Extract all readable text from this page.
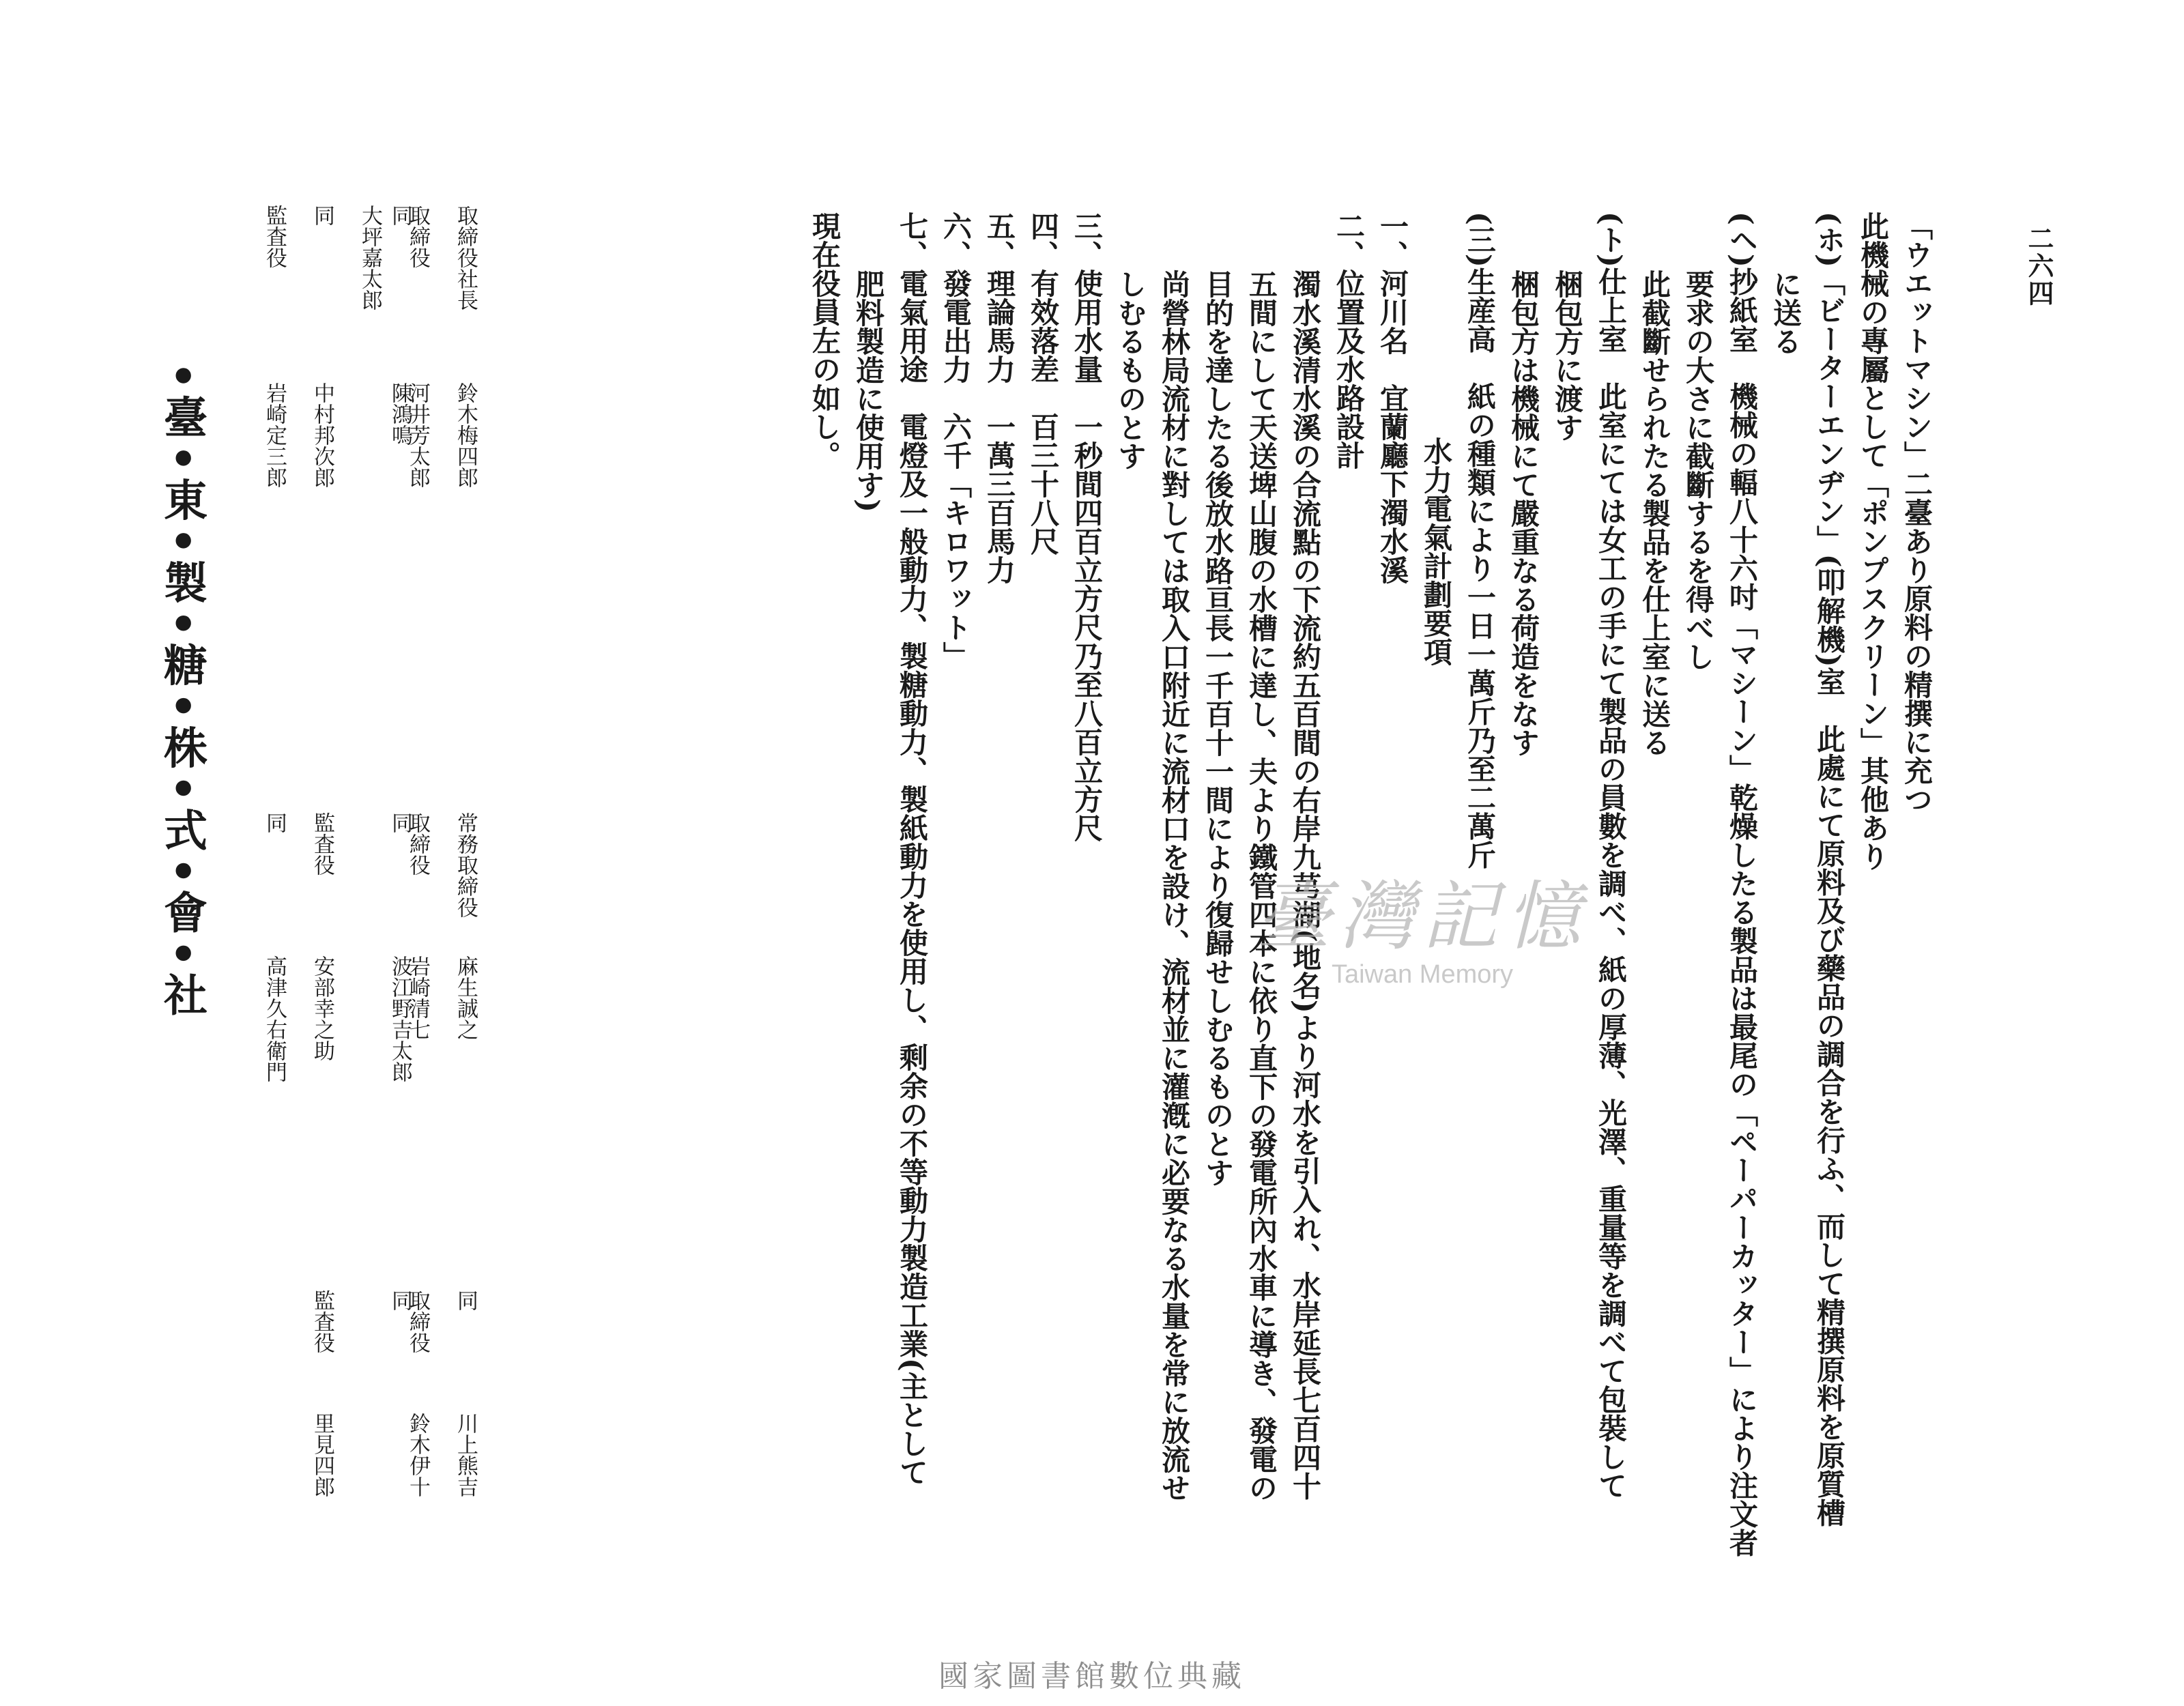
二六四
「ウエットマシン」二臺あり原料の精撰に充つ
此機械の專屬として「ポンプスクリーン」其他あり
(ホ)「ビーターエンヂン」(叩解機)室　此處にて原料及び藥品の調合を行ふ、而して精撰原料を原質槽
に送る
(ヘ)抄紙室　機械の輻八十六吋「マシーン」乾燥したる製品は最尾の「ペーパーカッター」により注文者
要求の大さに截斷するを得べし
此截斷せられたる製品を仕上室に送る
(ト)仕上室　此室にては女工の手にて製品の員數を調べ、紙の厚薄、光澤、重量等を調べて包裝して
梱包方に渡す
梱包方は機械にて嚴重なる荷造をなす
(三)生産高　紙の種類により一日一萬斤乃至二萬斤
水力電氣計劃要項
一、河川名　宜蘭廳下濁水溪
二、位置及水路設計
濁水溪清水溪の合流點の下流約五百間の右岸九芎湖(地名)より河水を引入れ、水岸延長七百四十
五間にして天送埤山腹の水槽に達し、夫より鐵管四本に依り直下の發電所內水車に導き、發電の
目的を達したる後放水路亘長一千百十一間により復歸せしむるものとす
尚營林局流材に對しては取入口附近に流材口を設け、流材並に灌漑に必要なる水量を常に放流せ
しむるものとす
三、使用水量　一秒間四百立方尺乃至八百立方尺
四、有效落差　百三十八尺
五、理論馬力　一萬三百馬力
六、發電出力　六千「キロワット」
七、電氣用途　電燈及一般動力、製糖動力、製紙動力を使用し、剩余の不等動力製造工業(主として
肥料製造に使用す)
現在役員左の如し。
取締役社長鈴木梅四郎常務取締役麻生誠之同川上熊吉
取締役河井芳太郎取締役岩崎清七取締役鈴木伊十
同陳鴻鳴同波江野吉太郎同大坪嘉太郎
同中村邦次郎監査役安部幸之助監査役里見四郎
監査役岩崎定三郎同高津久右衛門
•臺•東•製•糖•株•式•會•社	臺灣記憶
Taiwan Memory
國家圖書館數位典藏
